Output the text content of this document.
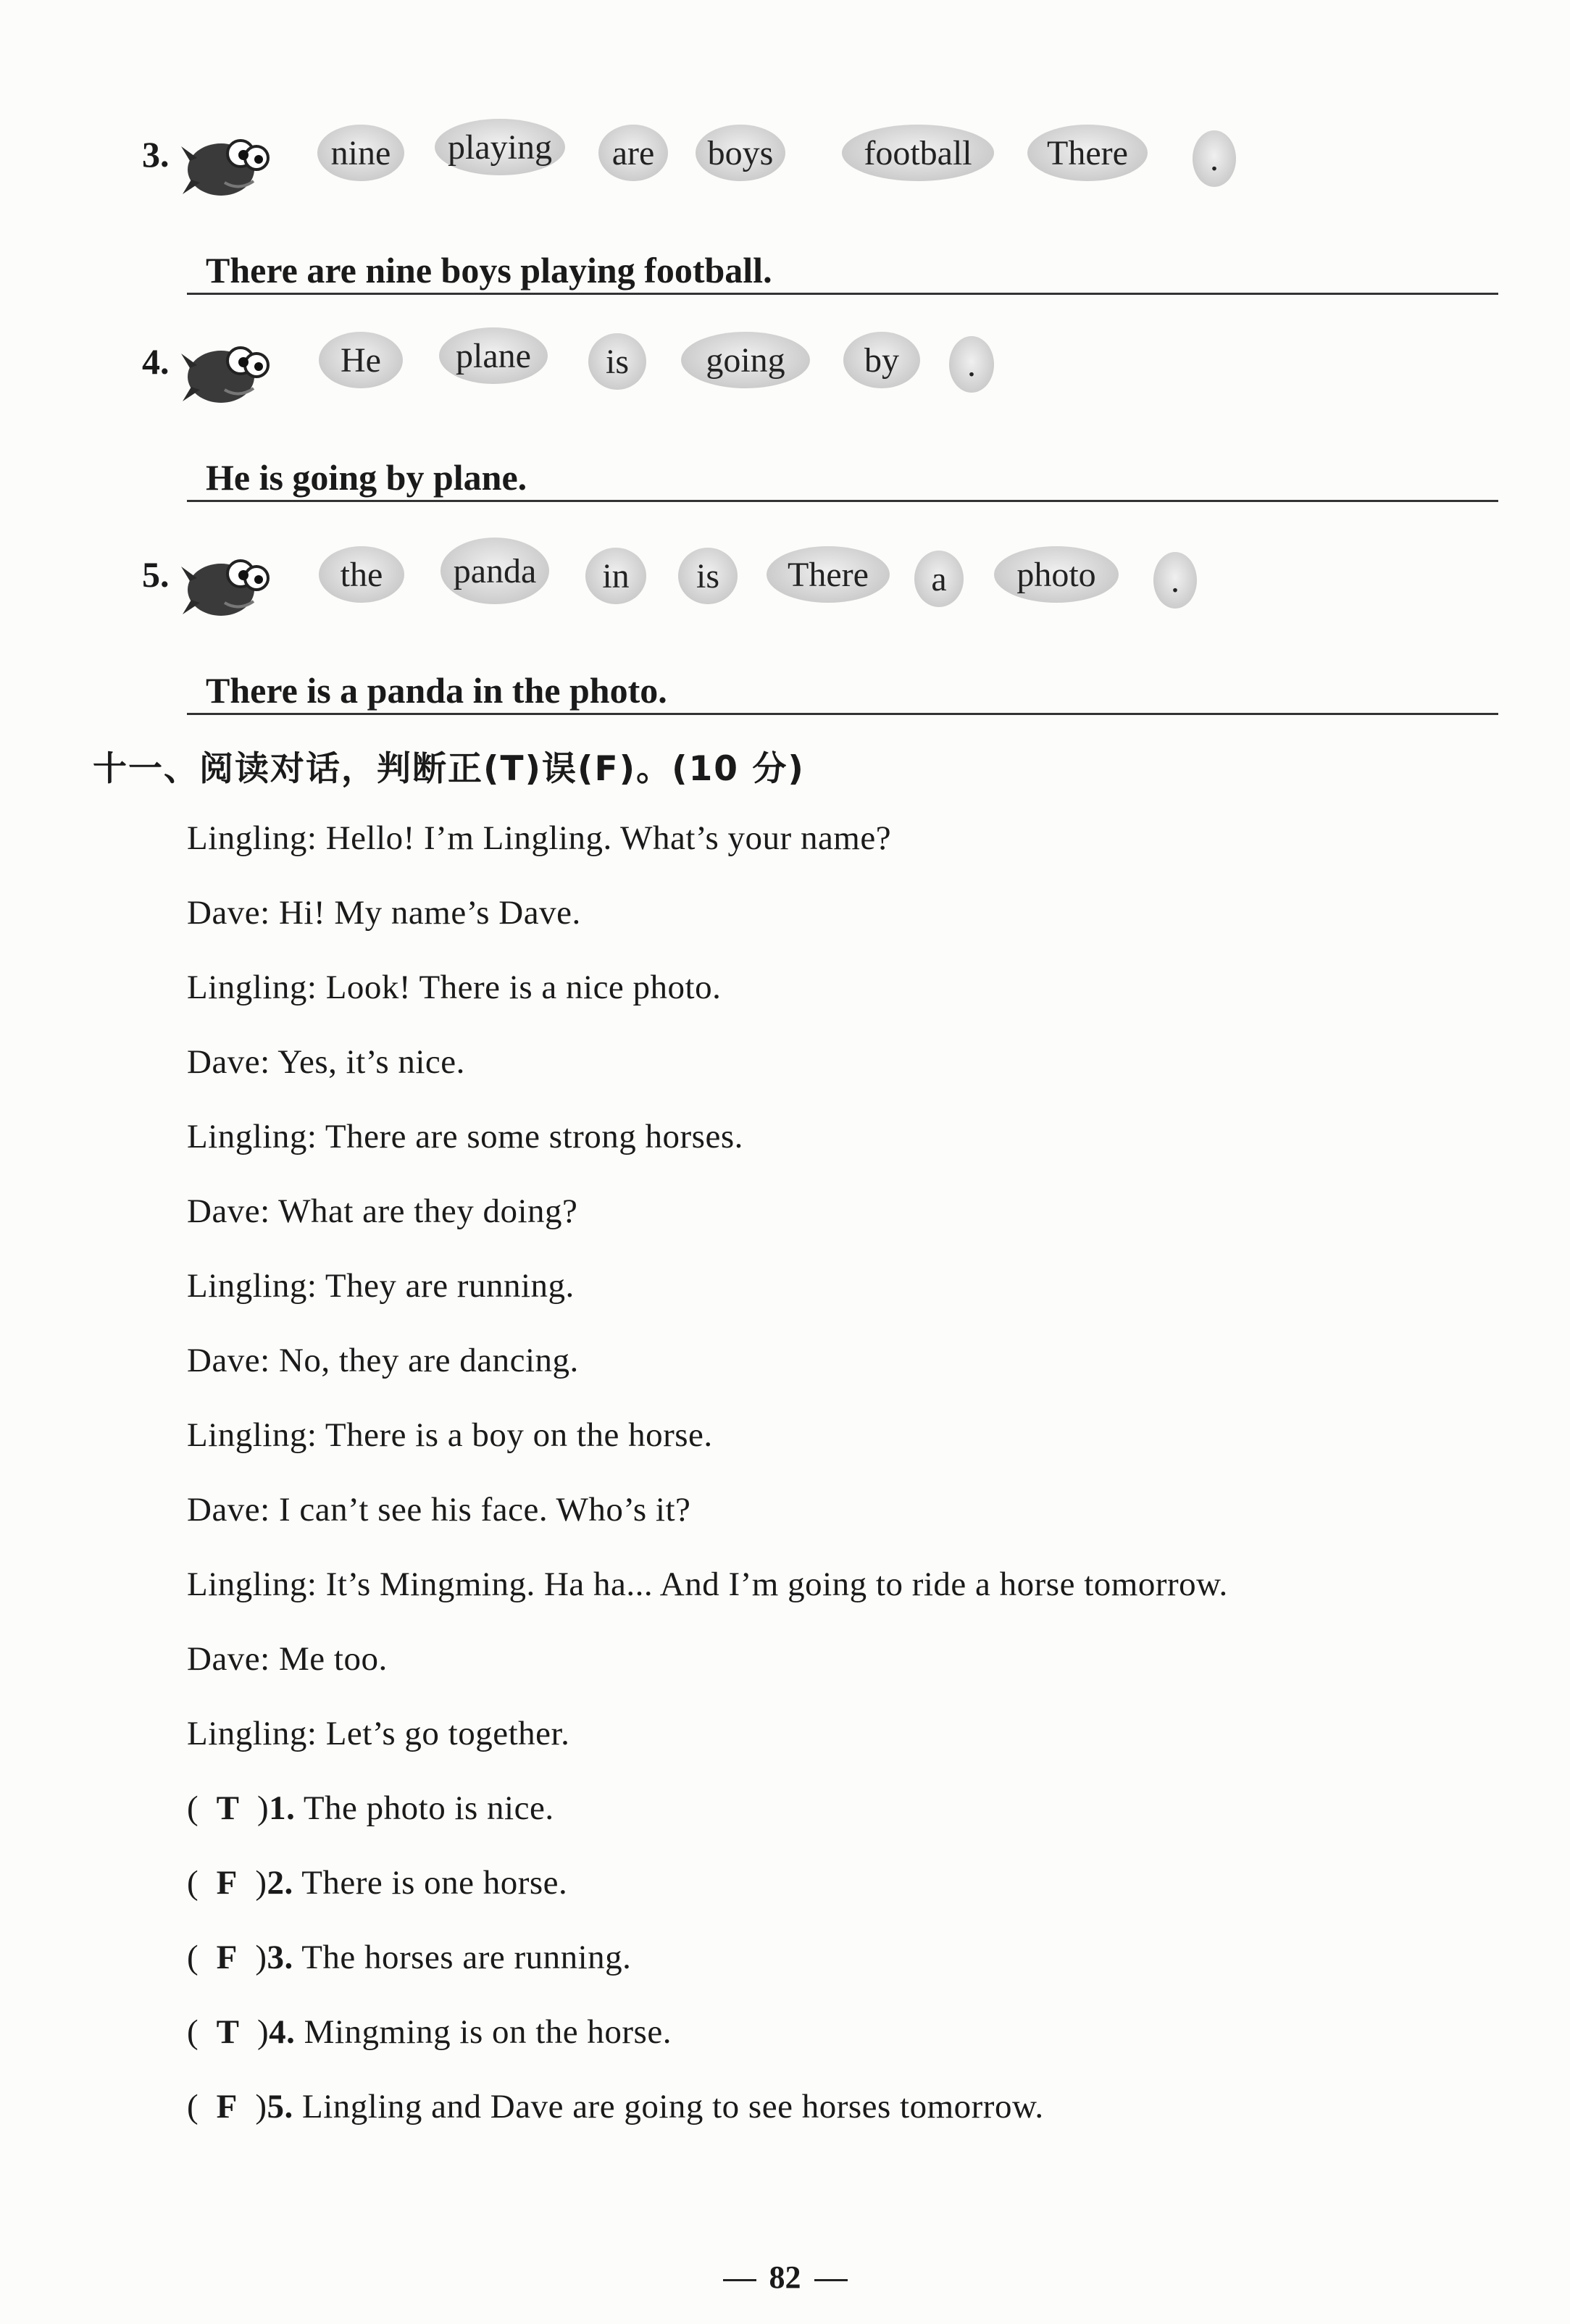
3.	nine	playing	are	boys	football	There	.
There are nine boys playing football.
4.	He	plane	is	going	by	.
He is going by plane.
5.	the	panda	in	is	There	a	photo	.
There is a panda in the photo.
十一、阅读对话，判断正(T)误(F)。(10 分)
Lingling: Hello! I’m Lingling. What’s your name?
Dave: Hi! My name’s Dave.
Lingling: Look! There is a nice photo.
Dave: Yes, it’s nice.
Lingling: There are some strong horses.
Dave: What are they doing?
Lingling: They are running.
Dave: No, they are dancing.
Lingling: There is a boy on the horse.
Dave: I can’t see his face. Who’s it?
Lingling: It’s Mingming. Ha ha... And I’m going to ride a horse tomorrow.
Dave: Me too.
Lingling: Let’s go together.
(  T  )1. The photo is nice.
(  F  )2. There is one horse.
(  F  )3. The horses are running.
(  T  )4. Mingming is on the horse.
(  F  )5. Lingling and Dave are going to see horses tomorrow.
82
